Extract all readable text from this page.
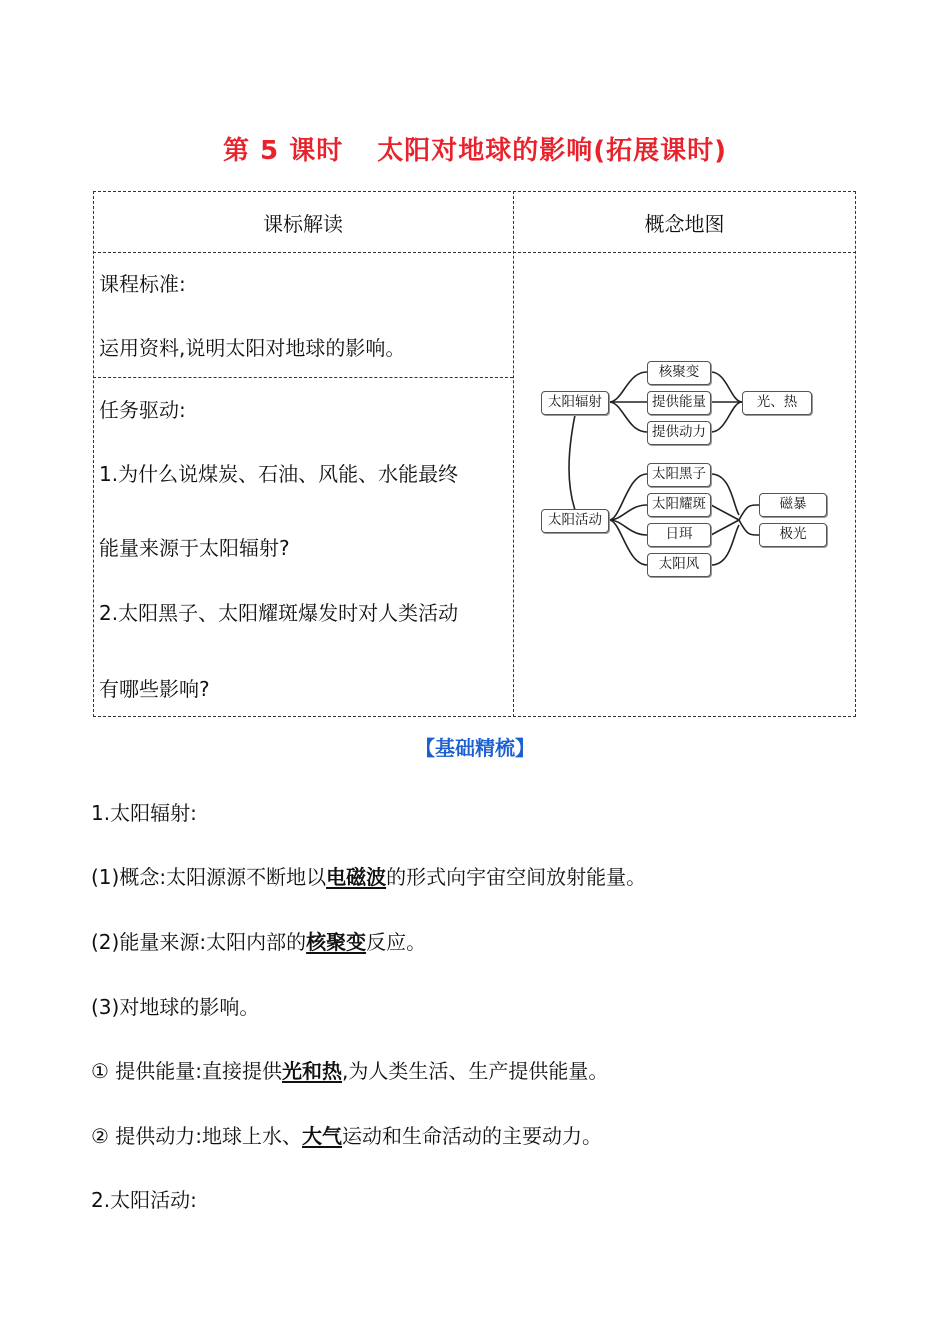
第 5 课时 太阳对地球的影响(拓展课时)
课标解读	概念地图
课程标准:
运用资料,说明太阳对地球的影响。
任务驱动:
1.为什么说煤炭、石油、风能、水能最终
能量来源于太阳辐射?
2.太阳黑子、太阳耀斑爆发时对人类活动
有哪些影响?
太阳辐射
核聚变
提供能量
提供动力
光、热
太阳活动
太阳黑子
太阳耀斑
日珥
太阳风
磁暴
极光
【基础精梳】
1.太阳辐射:
(1)概念:太阳源源不断地以电磁波的形式向宇宙空间放射能量。
(2)能量来源:太阳内部的核聚变反应。
(3)对地球的影响。
① 提供能量:直接提供光和热,为人类生活、生产提供能量。
② 提供动力:地球上水、大气运动和生命活动的主要动力。
2.太阳活动:
